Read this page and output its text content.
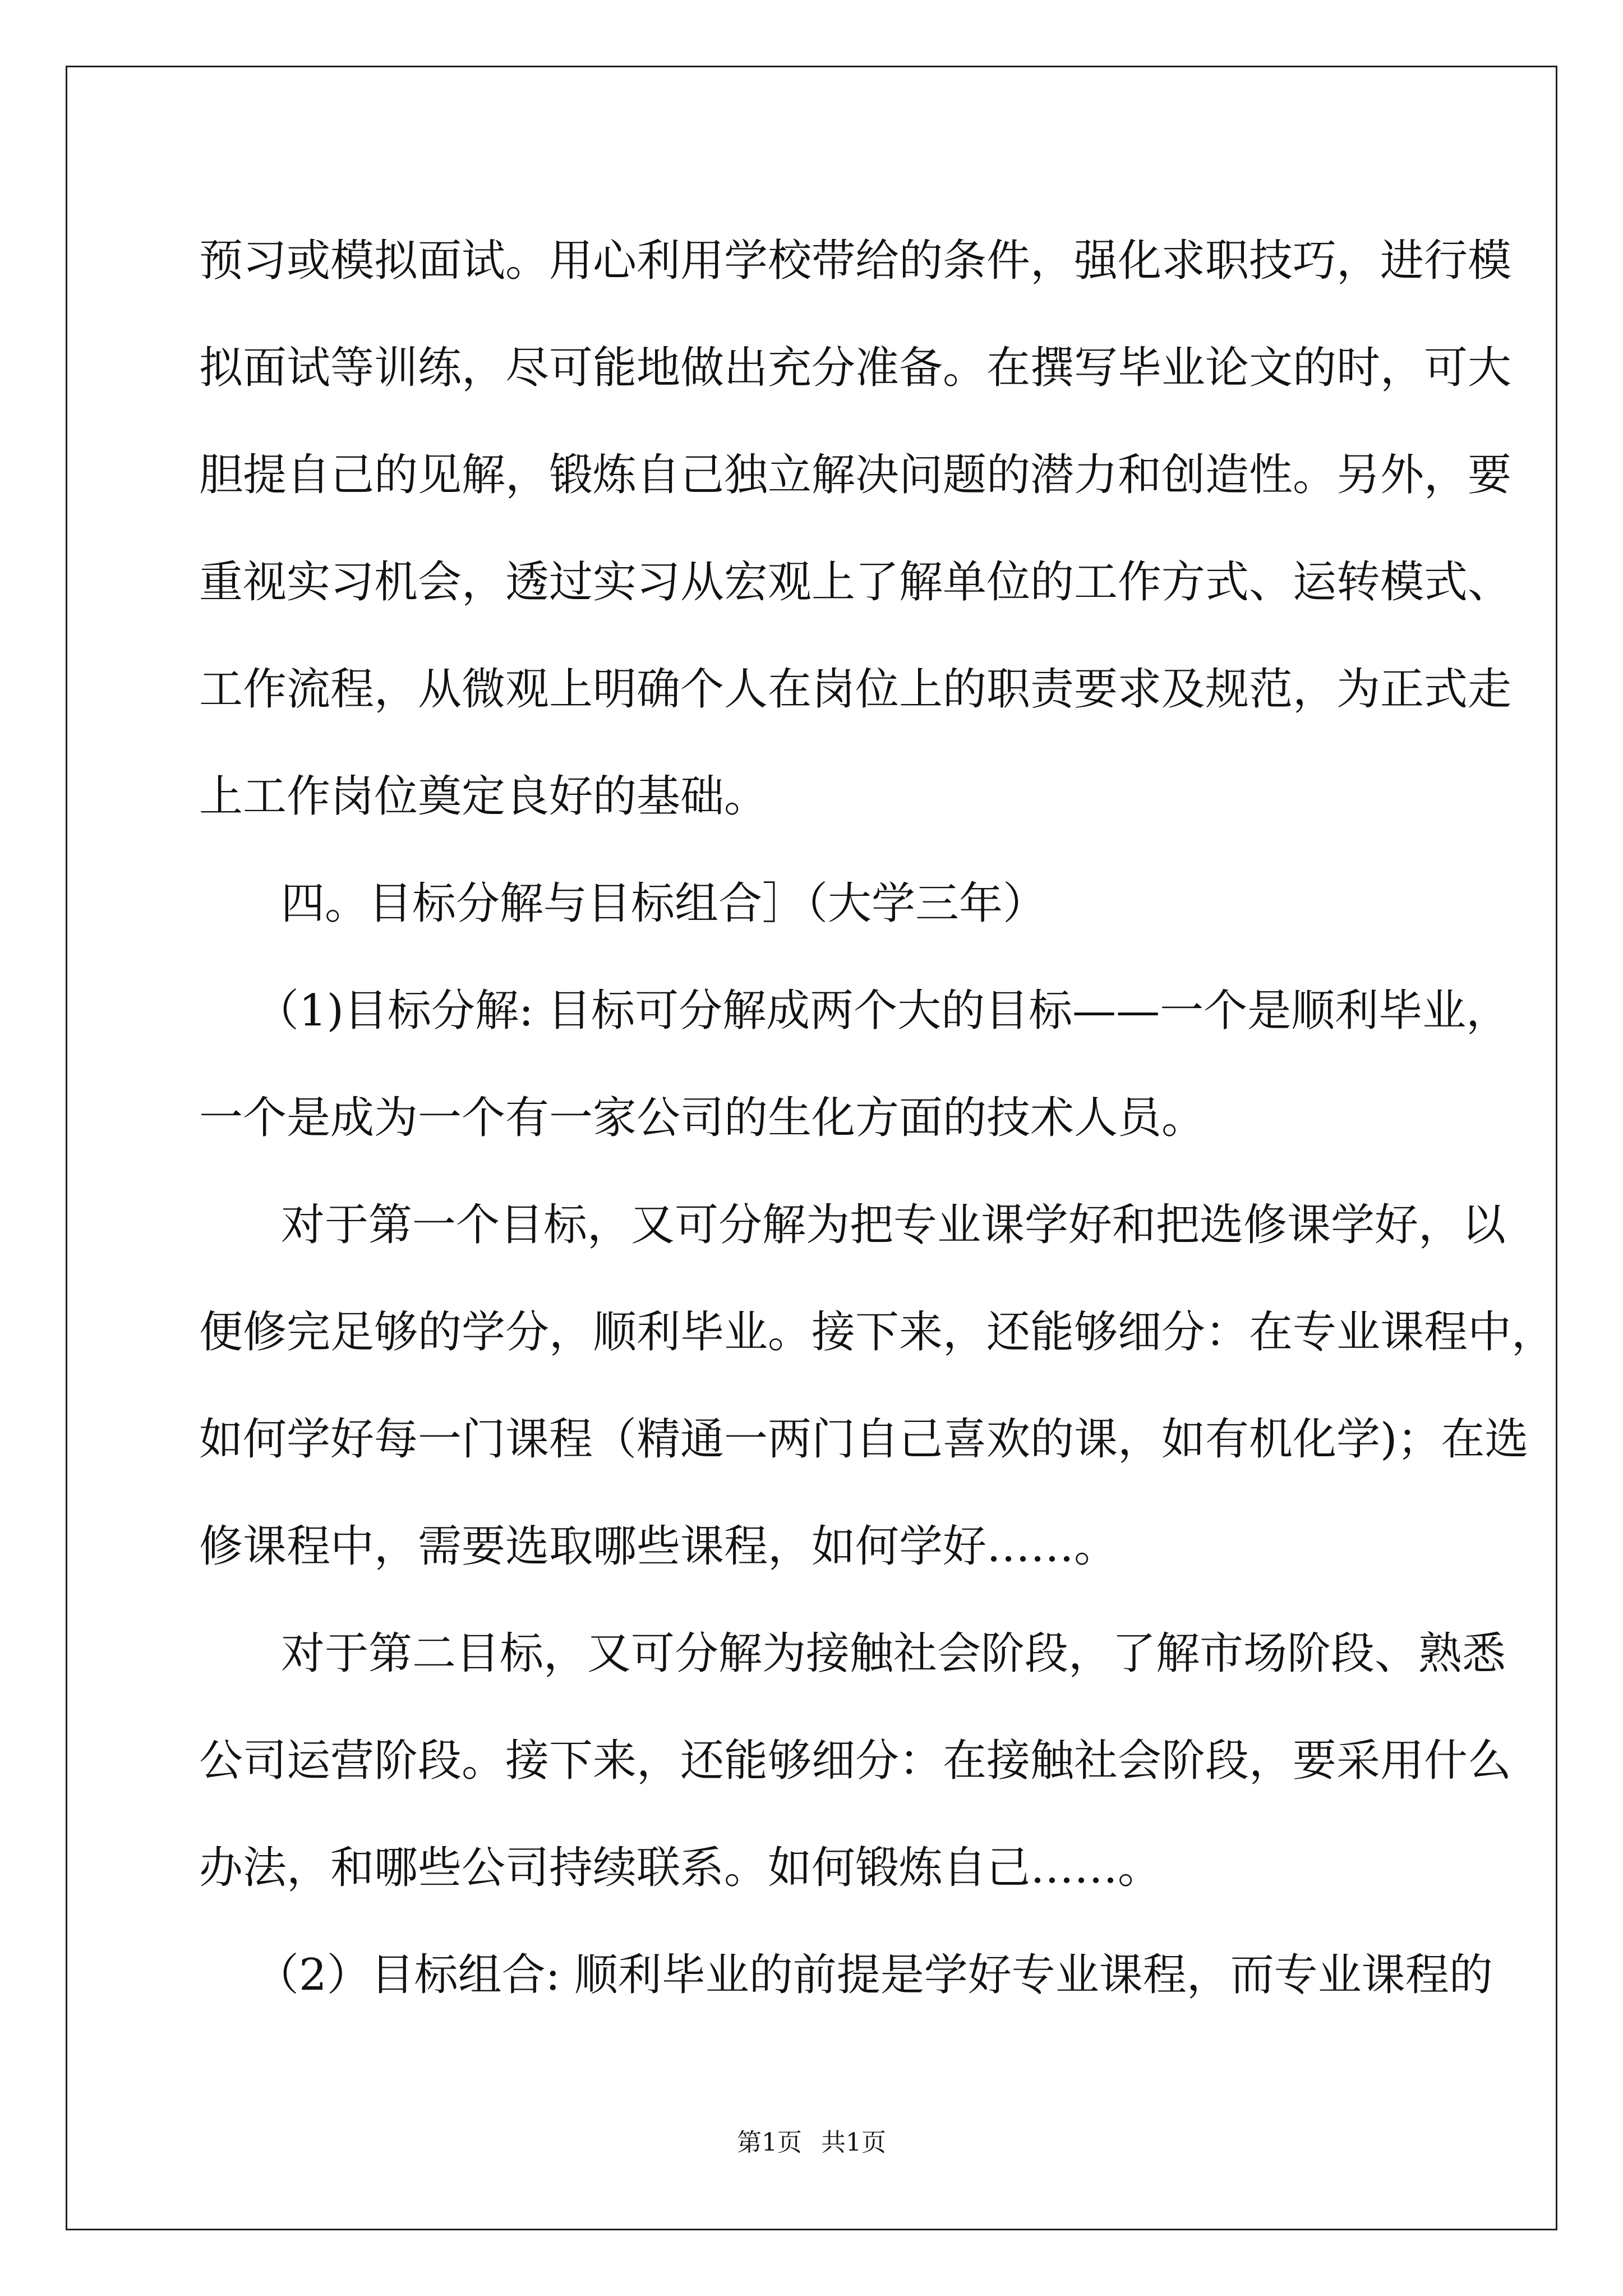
预习或模拟面试。用心利用学校带给的条件，强化求职技巧，进行模
拟面试等训练，尽可能地做出充分准备。在撰写毕业论文的时，可大
胆提自己的见解，锻炼自己独立解决问题的潜力和创造性。另外，要
重视实习机会，透过实习从宏观上了解单位的工作方式、运转模式、
工作流程，从微观上明确个人在岗位上的职责要求及规范，为正式走
上工作岗位奠定良好的基础。
四。目标分解与目标组合］（大学三年）
（1)目标分解: 目标可分解成两个大的目标——一个是顺利毕业，
一个是成为一个有一家公司的生化方面的技术人员。
对于第一个目标，又可分解为把专业课学好和把选修课学好，以
便修完足够的学分，顺利毕业。接下来，还能够细分：在专业课程中，
如何学好每一门课程（精通一两门自己喜欢的课，如有机化学)；在选
修课程中，需要选取哪些课程，如何学好……。
对于第二目标，又可分解为接触社会阶段，了解市场阶段、熟悉
公司运营阶段。接下来，还能够细分：在接触社会阶段，要采用什么
办法，和哪些公司持续联系。如何锻炼自己……。
（2）目标组合: 顺利毕业的前提是学好专业课程，而专业课程的
第1页 共1页
